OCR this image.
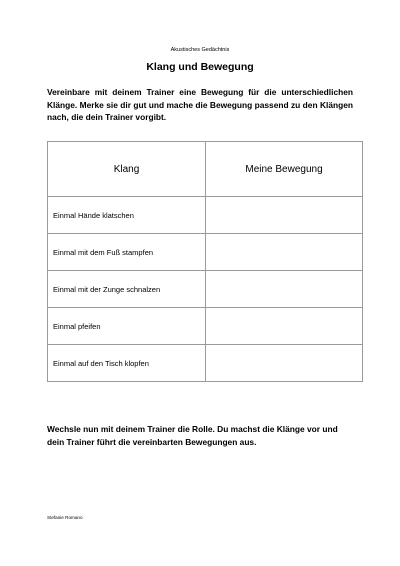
Akustisches Gedächtnis
Klang und Bewegung
Vereinbare mit deinem Trainer eine Bewegung für die unterschiedlichen Klänge. Merke sie dir gut und mache die Bewegung passend zu den Klängen nach, die dein Trainer vorgibt.
Klang	Meine Bewegung
Einmal Hände klatschen	
Einmal mit dem Fuß stampfen	
Einmal mit der Zunge schnalzen	
Einmal pfeifen	
Einmal auf den Tisch klopfen	
Wechsle nun mit deinem Trainer die Rolle. Du machst die Klänge vor und dein Trainer führt die vereinbarten Bewegungen aus.
Stefanie Romano
